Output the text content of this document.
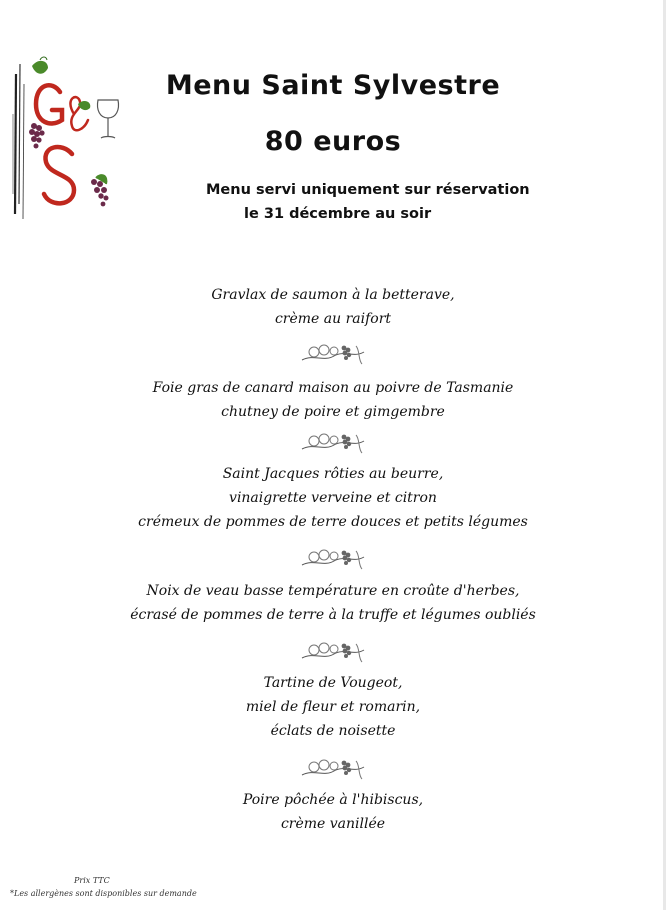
Menu Saint Sylvestre
80 euros
Menu servi uniquement sur réservation
le 31 décembre au soir
Gravlax de saumon à la betterave,
crème au raifort
Foie gras de canard maison au poivre de Tasmanie
chutney de poire et gimgembre
Saint Jacques rôties au beurre,
vinaigrette verveine et citron
crémeux de pommes de terre douces et petits légumes
Noix de veau basse température en croûte d'herbes,
écrasé de pommes de terre à la truffe et légumes oubliés
Tartine de Vougeot,
miel de fleur et romarin,
éclats de noisette
Poire pôchée à l'hibiscus,
crème vanillée
Prix TTC
*Les allergènes sont disponibles sur demande
